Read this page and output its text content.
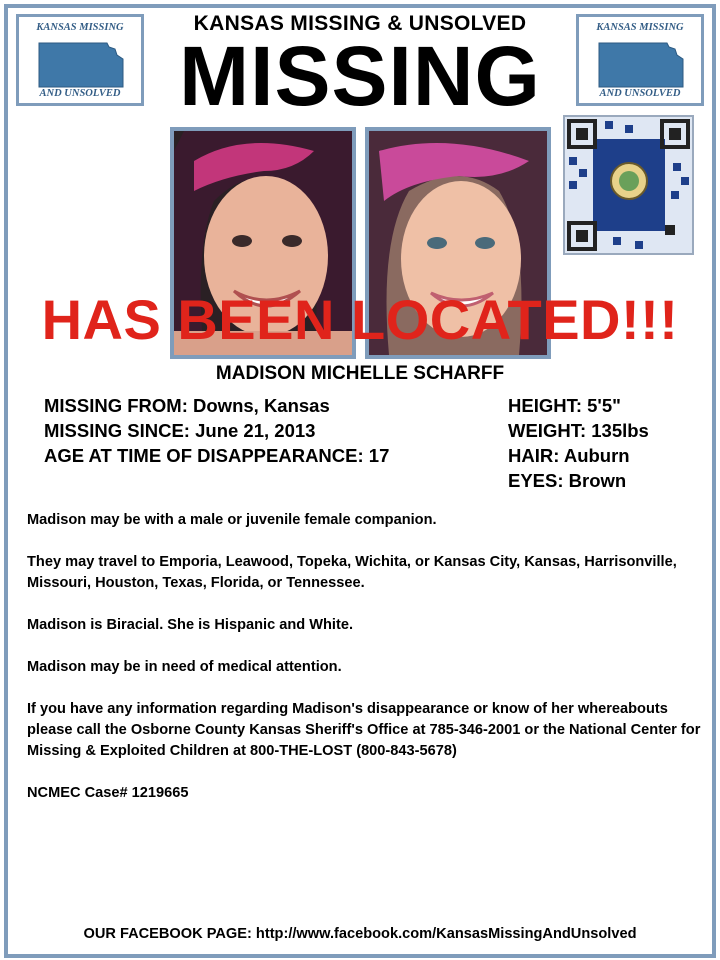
KANSAS MISSING
AND UNSOLVED
KANSAS MISSING
AND UNSOLVED
KANSAS MISSING & UNSOLVED
MISSING
HAS BEEN LOCATED!!!
MADISON MICHELLE SCHARFF
MISSING FROM: Downs, Kansas
MISSING SINCE: June 21, 2013
AGE AT TIME OF DISAPPEARANCE: 17
HEIGHT: 5'5"
WEIGHT: 135lbs
HAIR: Auburn
EYES: Brown

Madison may be with a male or juvenile female companion.

They may travel to Emporia, Leawood, Topeka, Wichita, or Kansas City, Kansas, Harrisonville, Missouri, Houston, Texas, Florida, or Tennessee.

Madison is Biracial. She is Hispanic and White.

Madison may be in need of medical attention.

If you have any information regarding Madison's disappearance or know of her whereabouts please call the Osborne County Kansas Sheriff's Office at 785-346-2001 or the National Center for Missing & Exploited Children at 800-THE-LOST (800-843-5678)

NCMEC Case# 1219665

OUR FACEBOOK PAGE: http://www.facebook.com/KansasMissingAndUnsolved
